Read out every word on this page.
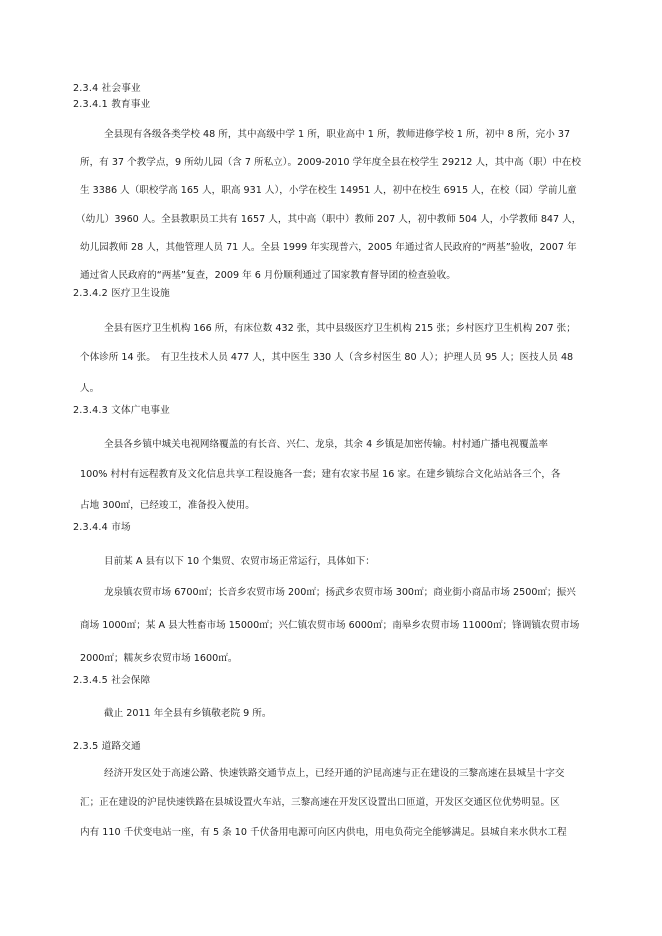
2.3.4 社会事业
2.3.4.1 教育事业
全县现有各级各类学校 48 所，其中高级中学 1 所，职业高中 1 所，教师进修学校 1 所，初中 8 所，完小 37
所，有 37 个教学点，9 所幼儿园（含 7 所私立）。2009-2010 学年度全县在校学生 29212 人，其中高（职）中在校
生 3386 人（职校学高 165 人，职高 931 人），小学在校生 14951 人，初中在校生 6915 人，在校（园）学前儿童
（幼儿）3960 人。全县教职员工共有 1657 人，其中高（职中）教师 207 人，初中教师 504 人，小学教师 847 人，
幼儿园教师 28 人，其他管理人员 71 人。全县 1999 年实现普六，2005 年通过省人民政府的“两基”验收，2007 年
通过省人民政府的“两基”复查，2009 年 6 月份顺利通过了国家教育督导团的检查验收。
2.3.4.2 医疗卫生设施
全县有医疗卫生机构 166 所，有床位数 432 张，其中县级医疗卫生机构 215 张；乡村医疗卫生机构 207 张；
个体诊所 14 张。　有卫生技术人员 477 人，其中医生 330 人（含乡村医生 80 人）；护理人员 95 人；医技人员 48
人。
2.3.4.3 文体广电事业
全县各乡镇中城关电视网络覆盖的有长音、兴仁、龙泉，其余 4 乡镇是加密传输。村村通广播电视覆盖率
100% 村村有远程教育及文化信息共享工程设施各一套；建有农家书屋 16 家。在建乡镇综合文化站站各三个，各
占地 300㎡，已经竣工，准备投入使用。
2.3.4.4 市场
目前某 A 县有以下 10 个集贸、农贸市场正常运行，具体如下：
龙泉镇农贸市场 6700㎡；长音乡农贸市场 200㎡；扬武乡农贸市场 300㎡；商业街小商品市场 2500㎡；振兴
商场 1000㎡；某 A 县大牲畜市场 15000㎡；兴仁镇农贸市场 6000㎡；南皋乡农贸市场 11000㎡；锋调镇农贸市场
2000㎡；糯灰乡农贸市场 1600㎡。
2.3.4.5 社会保障
截止 2011 年全县有乡镇敬老院 9 所。
2.3.5 道路交通
经济开发区处于高速公路、快速铁路交通节点上，已经开通的沪昆高速与正在建设的三黎高速在县城呈十字交
汇；正在建设的沪昆快速铁路在县城设置火车站，三黎高速在开发区设置出口匝道，开发区交通区位优势明显。区
内有 110 千伏变电站一座，有 5 条 10 千伏备用电源可向区内供电，用电负荷完全能够满足。县城自来水供水工程
